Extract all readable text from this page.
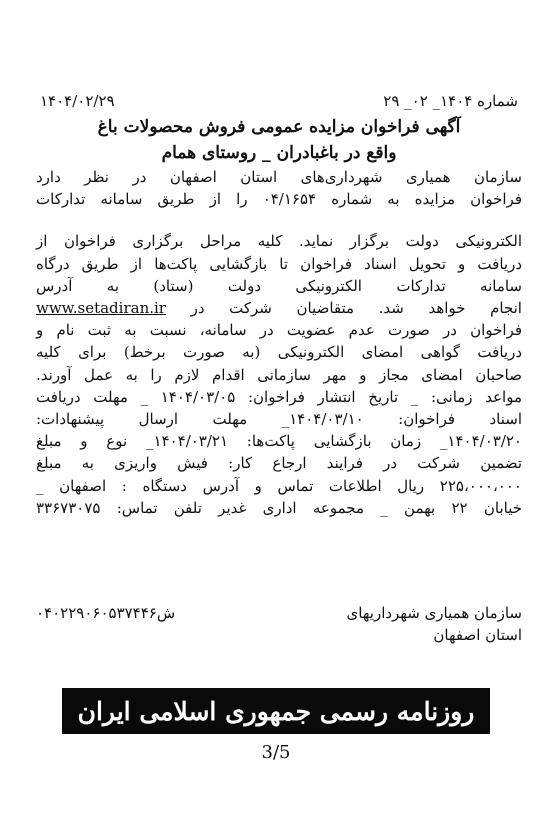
شماره ۱۴۰۴_ ۰۲_ ۲۹
۱۴۰۴/۰۲/۲۹
آگهی فراخوان مزایده عمومی فروش محصولات باغ
واقع در باغبادران _ روستای همام
سازمان همیاری شهرداری‌های استان اصفهان در نظر دارد
فراخوان مزایده به شماره ۰۴/۱۶۵۴ را از طریق سامانه تدارکات
الکترونیکی دولت برگزار نماید. کلیه مراحل برگزاری فراخوان از
دریافت و تحویل اسناد فراخوان تا بازگشایی پاکت‌ها از طریق درگاه
سامانه تدارکات الکترونیکی دولت (ستاد) به آدرس
انجام خواهد شد. متقاضیان شرکت در www.setadiran.ir
فراخوان در صورت عدم عضویت در سامانه، نسبت به ثبت نام و
دریافت گواهی امضای الکترونیکی (به صورت برخط) برای کلیه
صاحبان امضای مجاز و مهر سازمانی اقدام لازم را به عمل آورند.
مواعد زمانی: _ تاریخ انتشار فراخوان: ۱۴۰۴/۰۳/۰۵ _ مهلت دریافت
اسناد فراخوان: ۱۴۰۴/۰۳/۱۰_ مهلت ارسال پیشنهادات:
۱۴۰۴/۰۳/۲۰_ زمان بازگشایی پاکت‌ها: ۱۴۰۴/۰۳/۲۱_ نوع و مبلغ
تضمین شرکت در فرایند ارجاع کار: فیش واریزی به مبلغ
۲۲۵،۰۰۰،۰۰۰ ریال اطلاعات تماس و آدرس دستگاه : اصفهان _
خیابان ۲۲ بهمن _ مجموعه اداری غدیر تلفن تماس: ۳۳۶۷۳۰۷۵
ش۰۴۰۲۲۹۰۶۰۵۳۷۴۴۶	سازمان همیاری شهرداریهای
استان اصفهان
روزنامه رسمی جمهوری اسلامی ایران
3/5
